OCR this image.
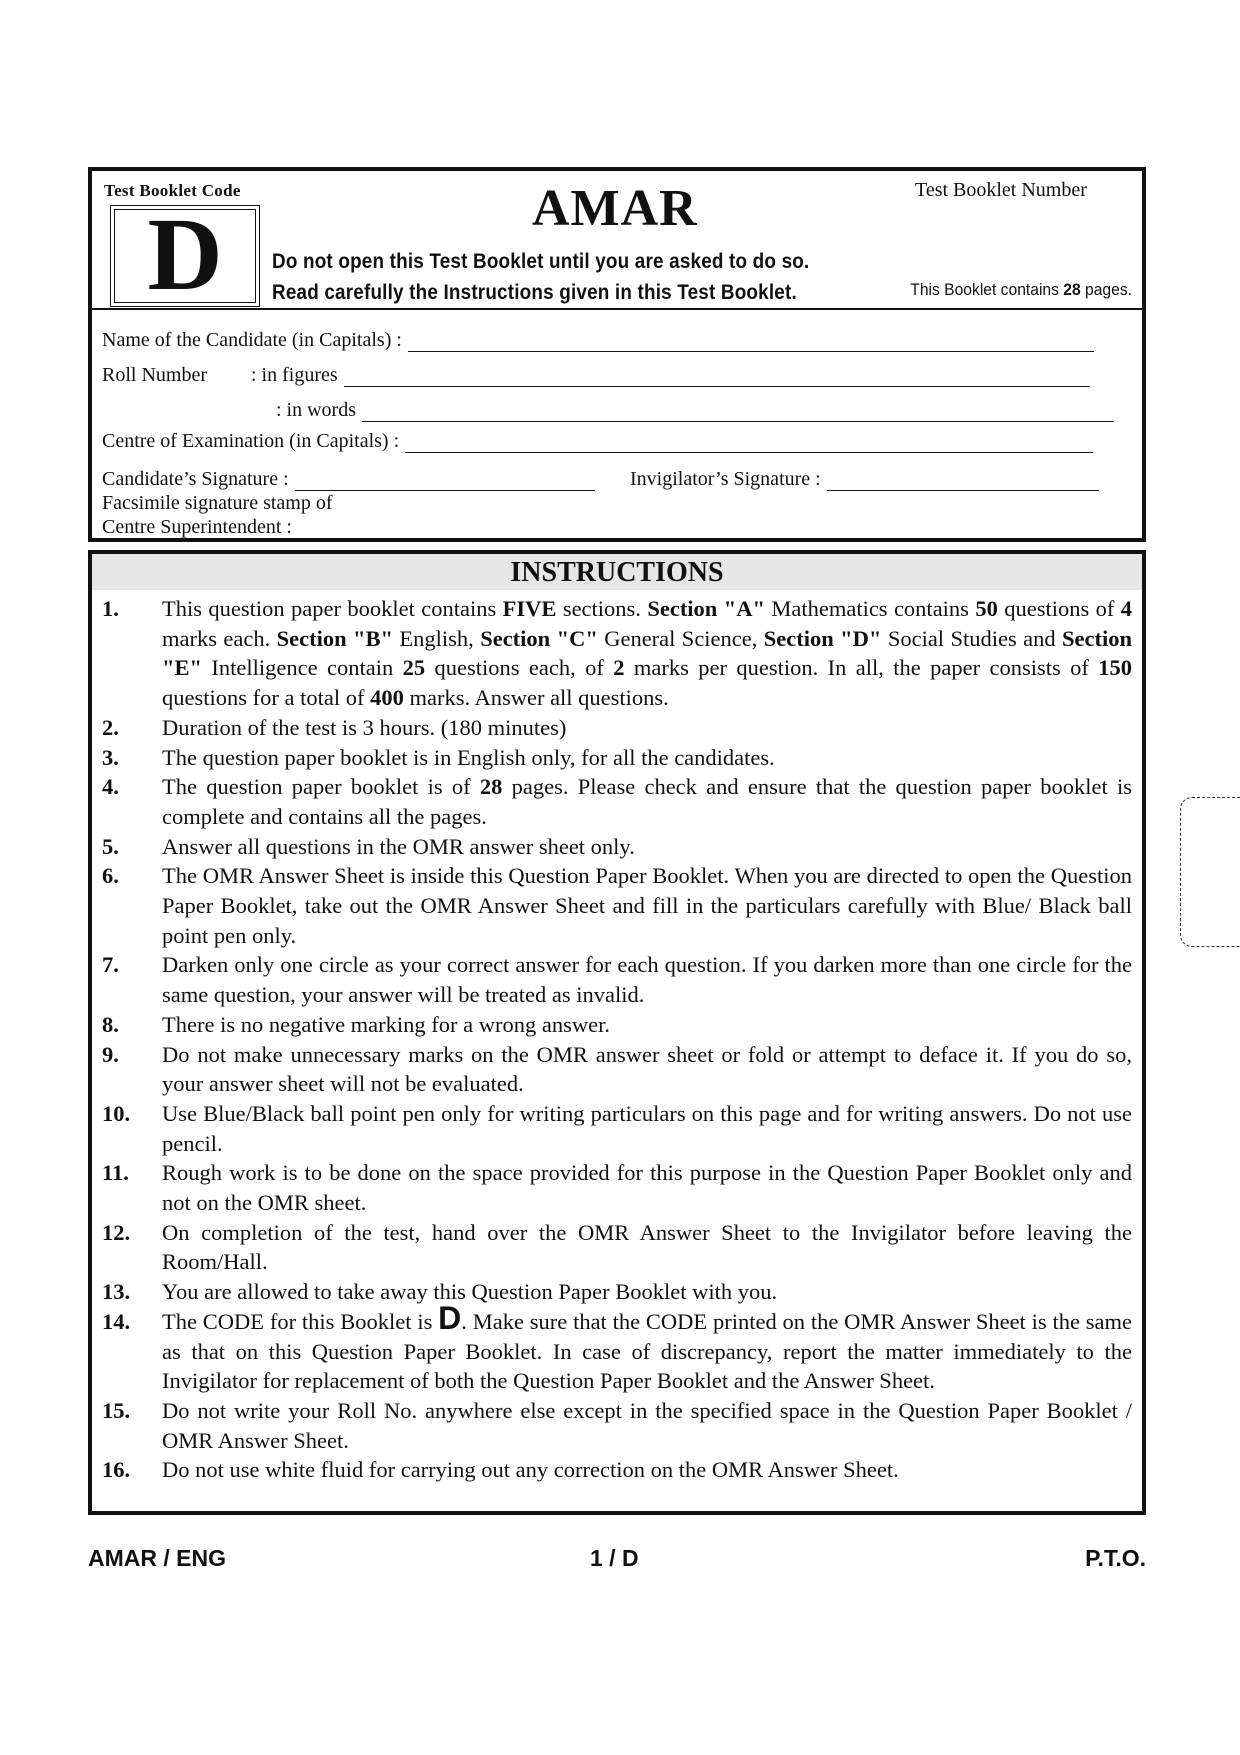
Test Booklet Code
D	AMAR	Test Booklet Number
Do not open this Test Booklet until you are asked to do so.
Read carefully the Instructions given in this Test Booklet.	This Booklet contains 28 pages.
Name of the Candidate (in Capitals) :
Roll Number : in figures
: in words
Centre of Examination (in Capitals) :
Candidate’s Signature :	Invigilator’s Signature :
Facsimile signature stamp of
Centre Superintendent :
INSTRUCTIONS
1. This question paper booklet contains FIVE sections. Section "A" Mathematics contains 50 questions of 4 marks each. Section "B" English, Section "C" General Science, Section "D" Social Studies and Section "E" Intelligence contain 25 questions each, of 2 marks per question. In all, the paper consists of 150 questions for a total of 400 marks. Answer all questions.
2. Duration of the test is 3 hours. (180 minutes)
3. The question paper booklet is in English only, for all the candidates.
4. The question paper booklet is of 28 pages. Please check and ensure that the question paper booklet is complete and contains all the pages.
5. Answer all questions in the OMR answer sheet only.
6. The OMR Answer Sheet is inside this Question Paper Booklet. When you are directed to open the Question Paper Booklet, take out the OMR Answer Sheet and fill in the particulars carefully with Blue/ Black ball point pen only.
7. Darken only one circle as your correct answer for each question. If you darken more than one circle for the same question, your answer will be treated as invalid.
8. There is no negative marking for a wrong answer.
9. Do not make unnecessary marks on the OMR answer sheet or fold or attempt to deface it. If you do so, your answer sheet will not be evaluated.
10. Use Blue/Black ball point pen only for writing particulars on this page and for writing answers. Do not use pencil.
11. Rough work is to be done on the space provided for this purpose in the Question Paper Booklet only and not on the OMR sheet.
12. On completion of the test, hand over the OMR Answer Sheet to the Invigilator before leaving the Room/Hall.
13. You are allowed to take away this Question Paper Booklet with you.
14. The CODE for this Booklet is D. Make sure that the CODE printed on the OMR Answer Sheet is the same as that on this Question Paper Booklet. In case of discrepancy, report the matter immediately to the Invigilator for replacement of both the Question Paper Booklet and the Answer Sheet.
15. Do not write your Roll No. anywhere else except in the specified space in the Question Paper Booklet / OMR Answer Sheet.
16. Do not use white fluid for carrying out any correction on the OMR Answer Sheet.
AMAR / ENG	1 / D	P.T.O.
